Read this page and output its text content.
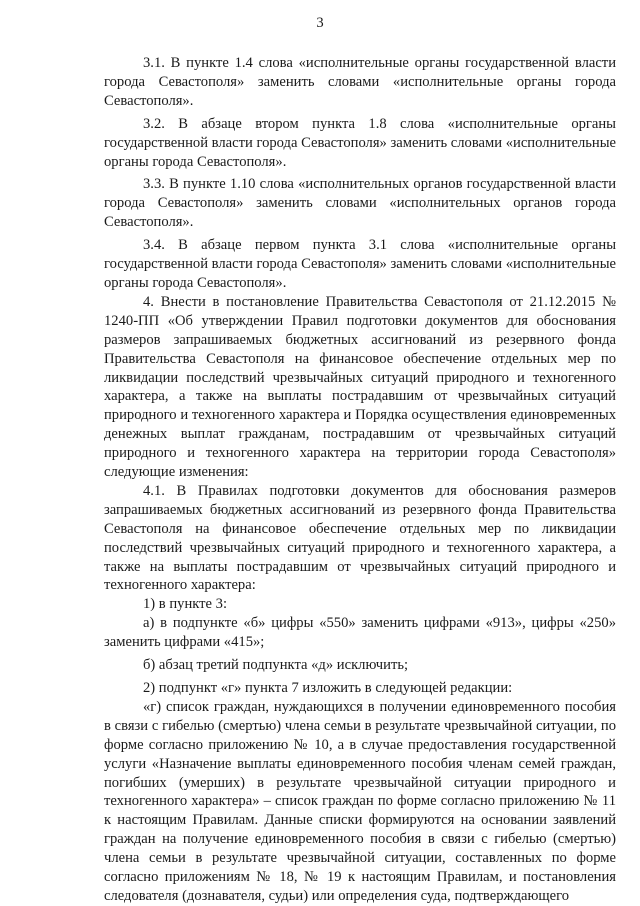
3

3.1. В пункте 1.4 слова «исполнительные органы государственной власти города Севастополя» заменить словами «исполнительные органы города Севастополя».

3.2. В абзаце втором пункта 1.8 слова «исполнительные органы государственной власти города Севастополя» заменить словами «исполнительные органы города Севастополя».

3.3. В пункте 1.10 слова «исполнительных органов государственной власти города Севастополя» заменить словами «исполнительных органов города Севастополя».

3.4. В абзаце первом пункта 3.1 слова «исполнительные органы государственной власти города Севастополя» заменить словами «исполнительные органы города Севастополя».

4. Внести в постановление Правительства Севастополя от 21.12.2015 № 1240-ПП «Об утверждении Правил подготовки документов для обоснования размеров запрашиваемых бюджетных ассигнований из резервного фонда Правительства Севастополя на финансовое обеспечение отдельных мер по ликвидации последствий чрезвычайных ситуаций природного и техногенного характера, а также на выплаты пострадавшим от чрезвычайных ситуаций природного и техногенного характера и Порядка осуществления единовременных денежных выплат гражданам, пострадавшим от чрезвычайных ситуаций природного и техногенного характера на территории города Севастополя» следующие изменения:

4.1. В Правилах подготовки документов для обоснования размеров запрашиваемых бюджетных ассигнований из резервного фонда Правительства Севастополя на финансовое обеспечение отдельных мер по ликвидации последствий чрезвычайных ситуаций природного и техногенного характера, а также на выплаты пострадавшим от чрезвычайных ситуаций природного и техногенного характера:

1) в пункте 3:

а) в подпункте «б» цифры «550» заменить цифрами «913», цифры «250» заменить цифрами «415»;

б) абзац третий подпункта «д» исключить;

2) подпункт «г» пункта 7 изложить в следующей редакции:

«г) список граждан, нуждающихся в получении единовременного пособия в связи с гибелью (смертью) члена семьи в результате чрезвычайной ситуации, по форме согласно приложению № 10, а в случае предоставления государственной услуги «Назначение выплаты единовременного пособия членам семей граждан, погибших (умерших) в результате чрезвычайной ситуации природного и техногенного характера» – список граждан по форме согласно приложению № 11 к настоящим Правилам. Данные списки формируются на основании заявлений граждан на получение единовременного пособия в связи с гибелью (смертью) члена семьи в результате чрезвычайной ситуации, составленных по форме согласно приложениям № 18, № 19 к настоящим Правилам, и постановления следователя (дознавателя, судьи) или определения суда, подтверждающего
